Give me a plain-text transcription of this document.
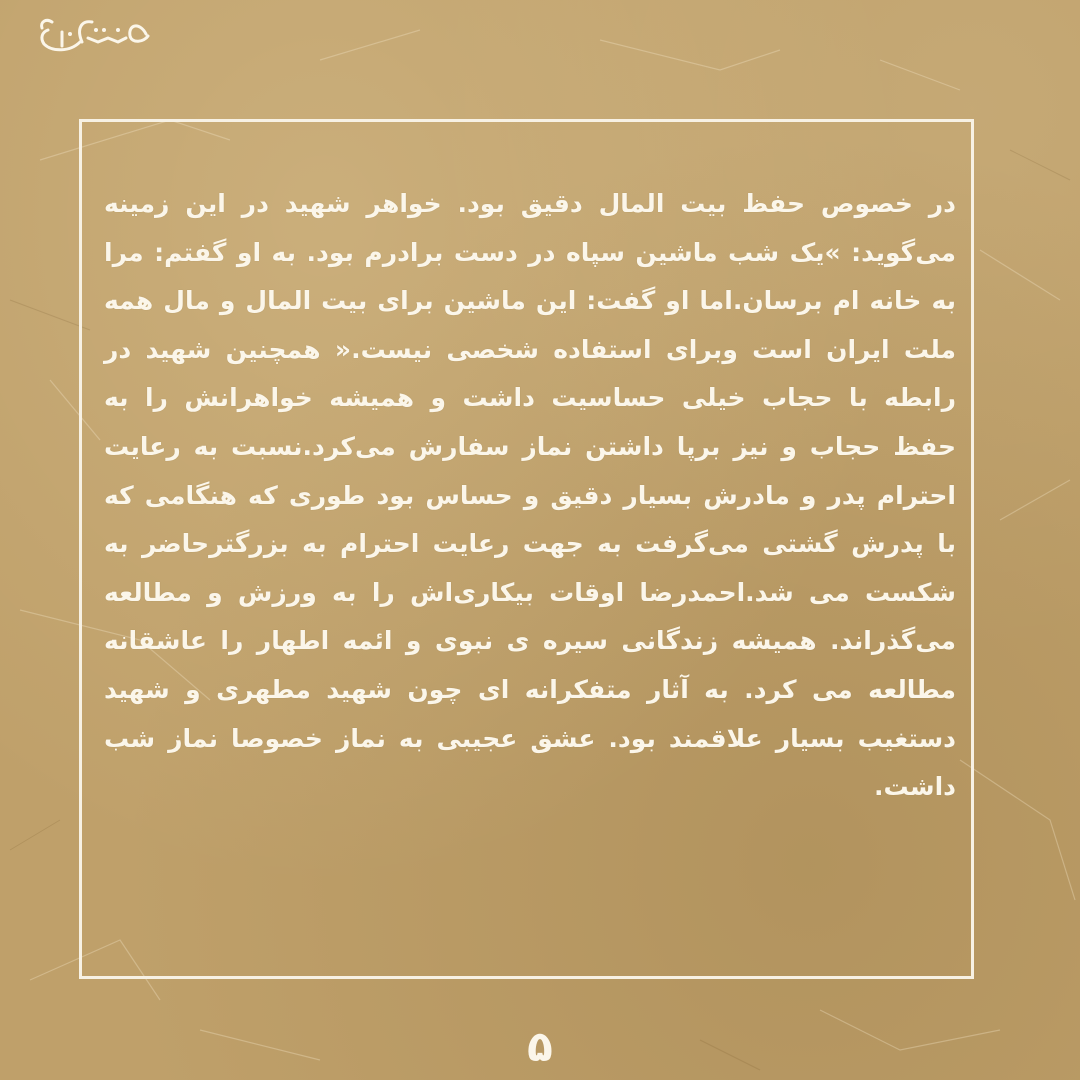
در خصوص حفظ بیت المال دقیق بود. خواهر شهید در این زمینه می‌گوید: »یک شب ماشین سپاه در دست برادرم بود. به او گفتم: مرا به خانه ام برسان.اما او گفت: این ماشین برای بیت المال و مال همه ملت ایران است وبرای استفاده شخصی نیست.« همچنین شهید در رابطه با حجاب خیلی حساسیت داشت و همیشه خواهرانش را به حفظ حجاب و نیز برپا داشتن نماز سفارش می‌کرد.نسبت به رعایت احترام پدر و مادرش بسیار دقیق و حساس بود طوری که هنگامی که با پدرش گشتی می‌گرفت به جهت رعایت احترام به بزرگترحاضر به شکست می شد.احمدرضا اوقات بیکاری‌اش را به ورزش و مطالعه می‌گذراند. همیشه زندگانی سیره ی نبوی و ائمه اطهار را عاشقانه مطالعه می کرد. به آثار متفکرانه ای چون شهید مطهری و شهید دستغیب بسیار علاقمند بود. عشق عجیبی به نماز خصوصا نماز شب داشت.

۵
